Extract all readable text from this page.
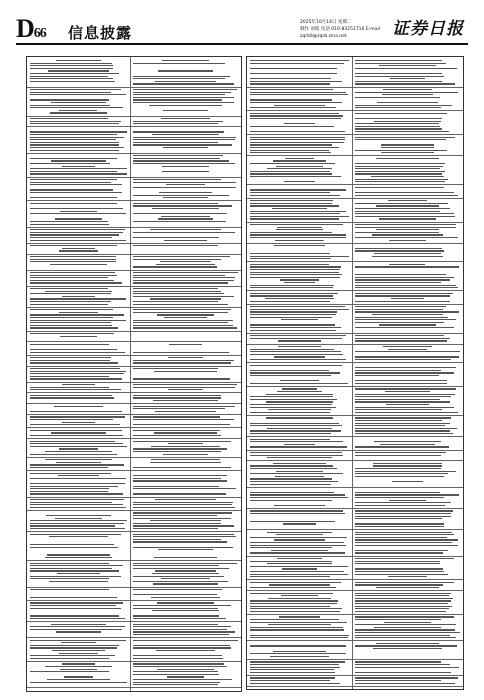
D66 信息披露
2025年10月14日 星期二
制作 刘萌 电话 010-83251716 E-mail zqrb9@zqrb.sina.net	证券日报
